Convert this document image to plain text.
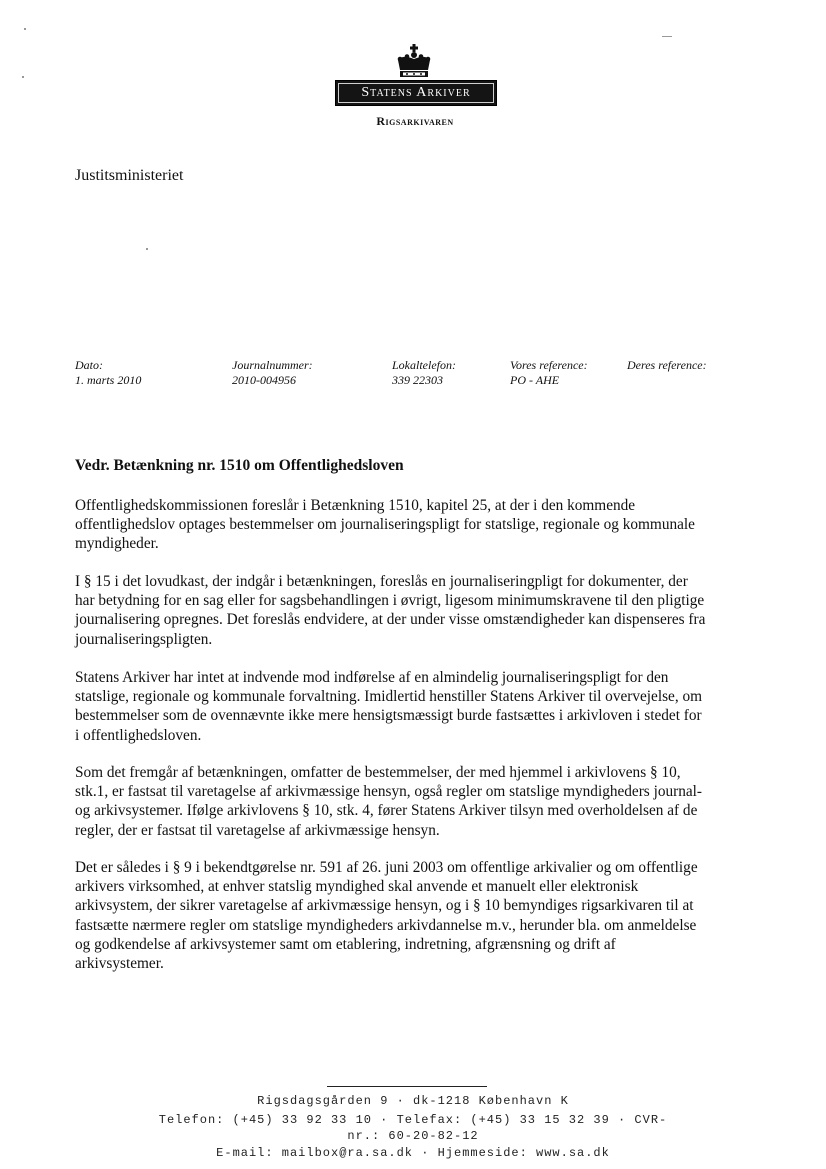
Statens Arkiver
Rigsarkivaren
Justitsministeriet
Dato:
1. marts 2010
Journalnummer:
2010-004956
Lokaltelefon:
339 22303
Vores reference:
PO - AHE
Deres reference:
Vedr. Betænkning nr. 1510 om Offentlighedsloven
Offentlighedskommissionen foreslår i Betænkning 1510, kapitel 25, at der i den kommende
offentlighedslov optages bestemmelser om journaliseringspligt for statslige, regionale og kommunale
myndigheder.
I § 15 i det lovudkast, der indgår i betænkningen, foreslås en journaliseringpligt for dokumenter, der
har betydning for en sag eller for sagsbehandlingen i øvrigt, ligesom minimumskravene til den pligtige
journalisering opregnes. Det foreslås endvidere, at der under visse omstændigheder kan dispenseres fra
journaliseringspligten.
Statens Arkiver har intet at indvende mod indførelse af en almindelig journaliseringspligt for den
statslige, regionale og kommunale forvaltning. Imidlertid henstiller Statens Arkiver til overvejelse, om
bestemmelser som de ovennævnte ikke mere hensigtsmæssigt burde fastsættes i arkivloven i stedet for
i offentlighedsloven.
Som det fremgår af betænkningen, omfatter de bestemmelser, der med hjemmel i arkivlovens § 10,
stk.1, er fastsat til varetagelse af arkivmæssige hensyn, også regler om statslige myndigheders journal-
og arkivsystemer. Ifølge arkivlovens § 10, stk. 4, fører Statens Arkiver tilsyn med overholdelsen af de
regler, der er fastsat til varetagelse af arkivmæssige hensyn.
Det er således i § 9 i bekendtgørelse nr. 591 af 26. juni 2003 om offentlige arkivalier og om offentlige
arkivers virksomhed, at enhver statslig myndighed skal anvende et manuelt eller elektronisk
arkivsystem, der sikrer varetagelse af arkivmæssige hensyn, og i § 10 bemyndiges rigsarkivaren til at
fastsætte nærmere regler om statslige myndigheders arkivdannelse m.v., herunder bla. om anmeldelse
og godkendelse af arkivsystemer samt om etablering, indretning, afgrænsning og drift af
arkivsystemer.
Rigsdagsgården 9 · dk-1218 København K
Telefon: (+45) 33 92 33 10 · Telefax: (+45) 33 15 32 39 · CVR-
nr.: 60-20-82-12
E-mail: mailbox@ra.sa.dk · Hjemmeside: www.sa.dk
